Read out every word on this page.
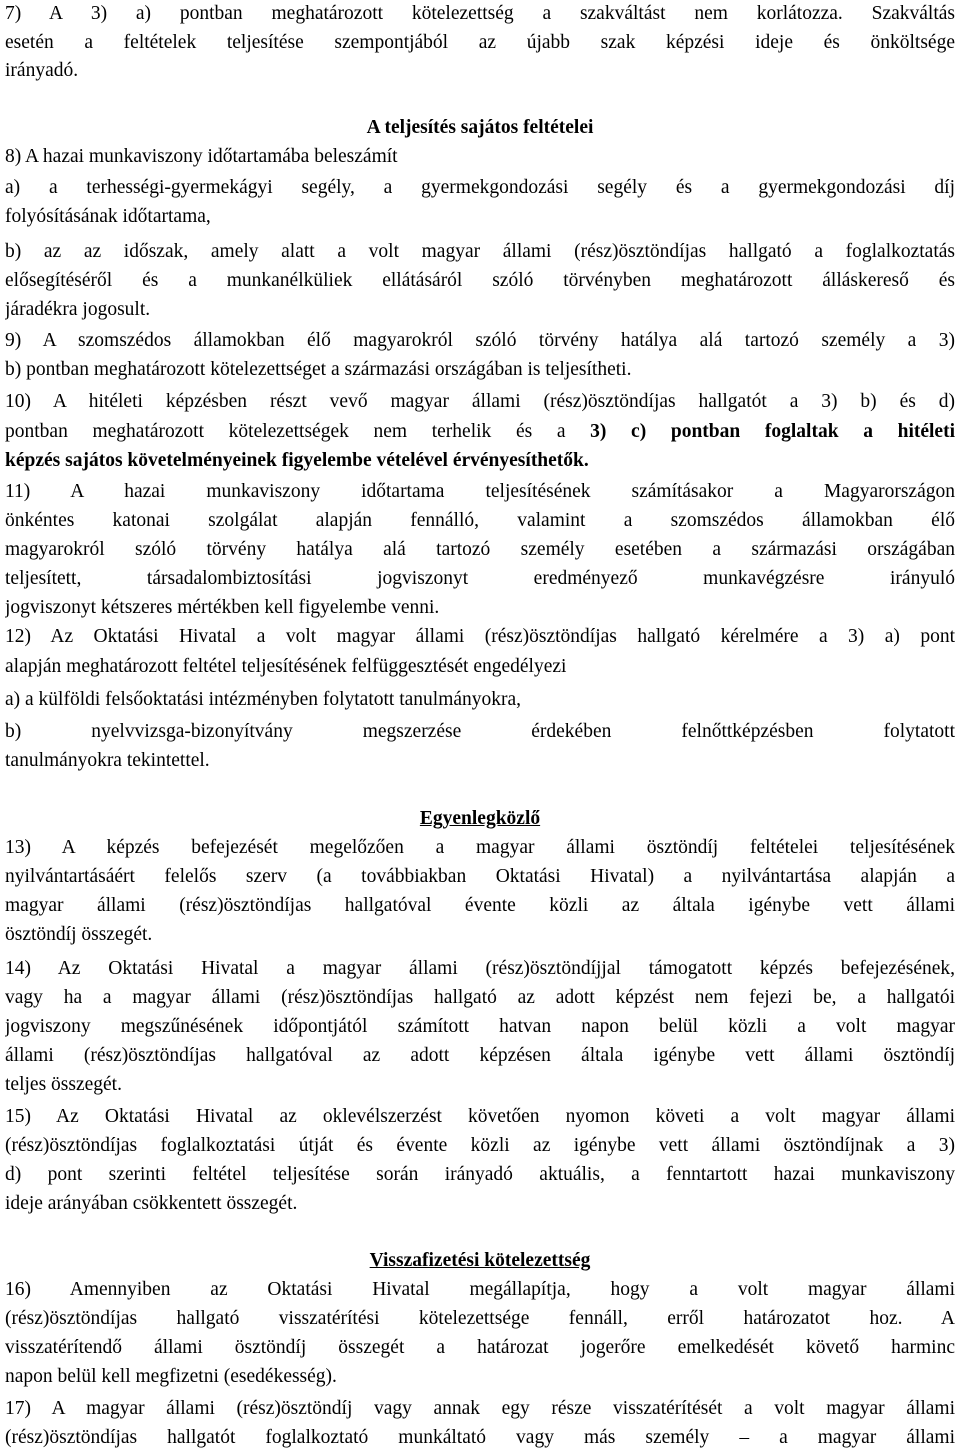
7) A 3) a) pontban meghatározott kötelezettség a szakváltást nem korlátozza. Szakváltás
esetén a feltételek teljesítése szempontjából az újabb szak képzési ideje és önköltsége
irányadó.
A teljesítés sajátos feltételei
8) A hazai munkaviszony időtartamába beleszámít
a) a terhességi-gyermekágyi segély, a gyermekgondozási segély és a gyermekgondozási díj
folyósításának időtartama,
b) az az időszak, amely alatt a volt magyar állami (rész)ösztöndíjas hallgató a foglalkoztatás
elősegítéséről és a munkanélküliek ellátásáról szóló törvényben meghatározott álláskereső és
járadékra jogosult.
9) A szomszédos államokban élő magyarokról szóló törvény hatálya alá tartozó személy a 3)
b) pontban meghatározott kötelezettséget a származási országában is teljesítheti.
10) A hitéleti képzésben részt vevő magyar állami (rész)ösztöndíjas hallgatót a 3) b) és d)
pontban meghatározott kötelezettségek nem terhelik és a 3) c) pontban foglaltak a hitéleti
képzés sajátos követelményeinek figyelembe vételével érvényesíthetők.
11) A hazai munkaviszony időtartama teljesítésének számításakor a Magyarországon
önkéntes katonai szolgálat alapján fennálló, valamint a szomszédos államokban élő
magyarokról szóló törvény hatálya alá tartozó személy esetében a származási országában
teljesített, társadalombiztosítási jogviszonyt eredményező munkavégzésre irányuló
jogviszonyt kétszeres mértékben kell figyelembe venni.
12) Az Oktatási Hivatal a volt magyar állami (rész)ösztöndíjas hallgató kérelmére a 3) a) pont
alapján meghatározott feltétel teljesítésének felfüggesztését engedélyezi
a) a külföldi felsőoktatási intézményben folytatott tanulmányokra,
b) nyelvvizsga-bizonyítvány megszerzése érdekében felnőttképzésben folytatott
tanulmányokra tekintettel.
Egyenlegközlő
13) A képzés befejezését megelőzően a magyar állami ösztöndíj feltételei teljesítésének
nyilvántartásáért felelős szerv (a továbbiakban Oktatási Hivatal) a nyilvántartása alapján a
magyar állami (rész)ösztöndíjas hallgatóval évente közli az általa igénybe vett állami
ösztöndíj összegét.
14) Az Oktatási Hivatal a magyar állami (rész)ösztöndíjjal támogatott képzés befejezésének,
vagy ha a magyar állami (rész)ösztöndíjas hallgató az adott képzést nem fejezi be, a hallgatói
jogviszony megszűnésének időpontjától számított hatvan napon belül közli a volt magyar
állami (rész)ösztöndíjas hallgatóval az adott képzésen általa igénybe vett állami ösztöndíj
teljes összegét.
15) Az Oktatási Hivatal az oklevélszerzést követően nyomon követi a volt magyar állami
(rész)ösztöndíjas foglalkoztatási útját és évente közli az igénybe vett állami ösztöndíjnak a 3)
d) pont szerinti feltétel teljesítése során irányadó aktuális, a fenntartott hazai munkaviszony
ideje arányában csökkentett összegét.
Visszafizetési kötelezettség
16) Amennyiben az Oktatási Hivatal megállapítja, hogy a volt magyar állami
(rész)ösztöndíjas hallgató visszatérítési kötelezettsége fennáll, erről határozatot hoz. A
visszatérítendő állami ösztöndíj összegét a határozat jogerőre emelkedését követő harminc
napon belül kell megfizetni (esedékesség).
17) A magyar állami (rész)ösztöndíj vagy annak egy része visszatérítését a volt magyar állami
(rész)ösztöndíjas hallgatót foglalkoztató munkáltató vagy más személy – a magyar állami
